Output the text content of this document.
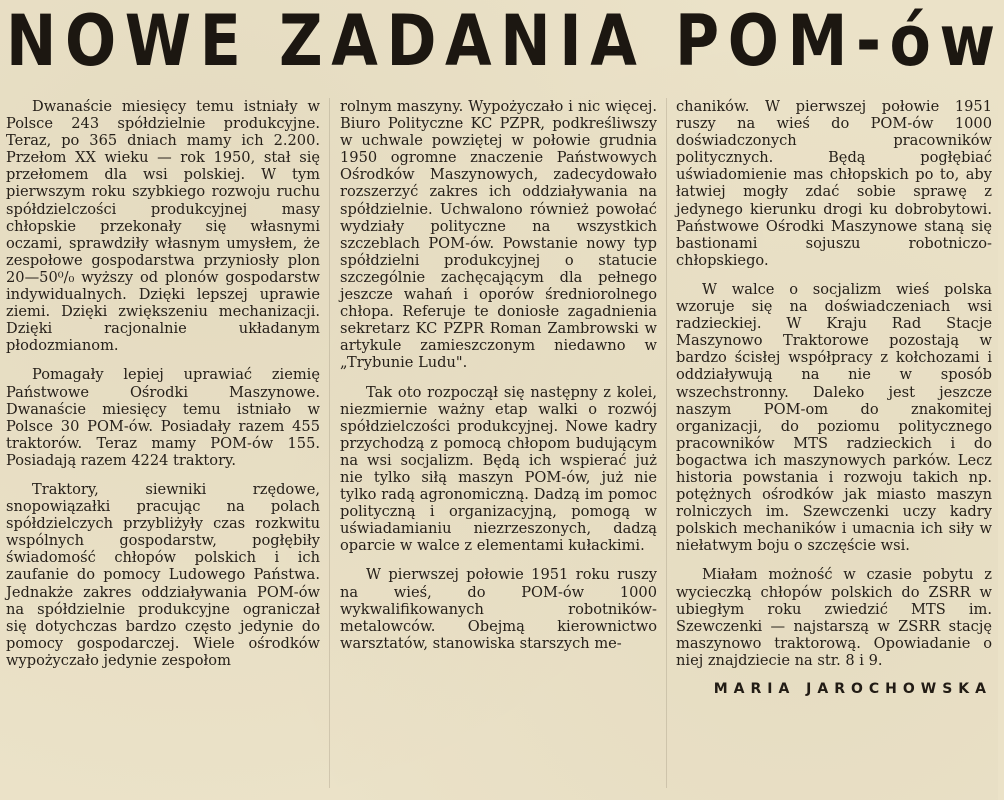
NOWE ZADANIA POM-ów

Dwanaście miesięcy temu istniały w Polsce 243 spółdzielnie produkcyjne. Teraz, po 365 dniach mamy ich 2.200. Przełom XX wieku — rok 1950, stał się przełomem dla wsi polskiej. W tym pierwszym roku szybkiego rozwoju ruchu spółdzielczości produkcyjnej masy chłopskie przekonały się własnymi oczami, sprawdziły własnym umysłem, że zespołowe gospodarstwa przyniosły plon 20—50⁰/₀ wyższy od plonów gospodarstw indywidualnych. Dzięki lepszej uprawie ziemi. Dzięki zwiększeniu mechanizacji. Dzięki racjonalnie układanym płodozmianom.

Pomagały lepiej uprawiać ziemię Państwowe Ośrodki Maszynowe. Dwanaście miesięcy temu istniało w Polsce 30 POM-ów. Posiadały razem 455 traktorów. Teraz mamy POM-ów 155. Posiadają razem 4224 traktory.

Traktory, siewniki rzędowe, snopowiązałki pracując na polach spółdzielczych przybliżyły czas rozkwitu wspólnych gospodarstw, pogłębiły świadomość chłopów polskich i ich zaufanie do pomocy Ludowego Państwa. Jednakże zakres oddziaływania POM-ów na spółdzielnie produkcyjne ograniczał się dotychczas bardzo często jedynie do pomocy gospodarczej. Wiele ośrodków wypożyczało jedynie zespołom

rolnym maszyny. Wypożyczało i nic więcej. Biuro Polityczne KC PZPR, podkreśliwszy w uchwale powziętej w połowie grudnia 1950 ogromne znaczenie Państwowych Ośrodków Maszynowych, zadecydowało rozszerzyć zakres ich oddziaływania na spółdzielnie. Uchwalono również powołać wydziały polityczne na wszystkich szczeblach POM-ów. Powstanie nowy typ spółdzielni produkcyjnej o statucie szczególnie zachęcającym dla pełnego jeszcze wahań i oporów średniorolnego chłopa. Referuje te doniosłe zagadnienia sekretarz KC PZPR Roman Zambrowski w artykule zamieszczonym niedawno w „Trybunie Ludu".

Tak oto rozpoczął się następny z kolei, niezmiernie ważny etap walki o rozwój spółdzielczości produkcyjnej. Nowe kadry przychodzą z pomocą chłopom budującym na wsi socjalizm. Będą ich wspierać już nie tylko siłą maszyn POM-ów, już nie tylko radą agronomiczną. Dadzą im pomoc polityczną i organizacyjną, pomogą w uświadamianiu niezrzeszonych, dadzą oparcie w walce z elementami kułackimi.

W pierwszej połowie 1951 roku ruszy na wieś, do POM-ów 1000 wykwalifikowanych robotników-metalowców. Obejmą kierownictwo warsztatów, stanowiska starszych me-

chaników. W pierwszej połowie 1951 ruszy na wieś do POM-ów 1000 doświadczonych pracowników politycznych. Będą pogłębiać uświadomienie mas chłopskich po to, aby łatwiej mogły zdać sobie sprawę z jedynego kierunku drogi ku dobrobytowi. Państwowe Ośrodki Maszynowe staną się bastionami sojuszu robotniczo-chłopskiego.

W walce o socjalizm wieś polska wzoruje się na doświadczeniach wsi radzieckiej. W Kraju Rad Stacje Maszynowo Traktorowe pozostają w bardzo ścisłej współpracy z kołchozami i oddziaływują na nie w sposób wszechstronny. Daleko jest jeszcze naszym POM-om do znakomitej organizacji, do poziomu politycznego pracowników MTS radzieckich i do bogactwa ich maszynowych parków. Lecz historia powstania i rozwoju takich np. potężnych ośrodków jak miasto maszyn rolniczych im. Szewczenki uczy kadry polskich mechaników i umacnia ich siły w niełatwym boju o szczęście wsi.

Miałam możność w czasie pobytu z wycieczką chłopów polskich do ZSRR w ubiegłym roku zwiedzić MTS im. Szewczenki — najstarszą w ZSRR stację maszynowo traktorową. Opowiadanie o niej znajdziecie na str. 8 i 9.

MARIA JAROCHOWSKA
